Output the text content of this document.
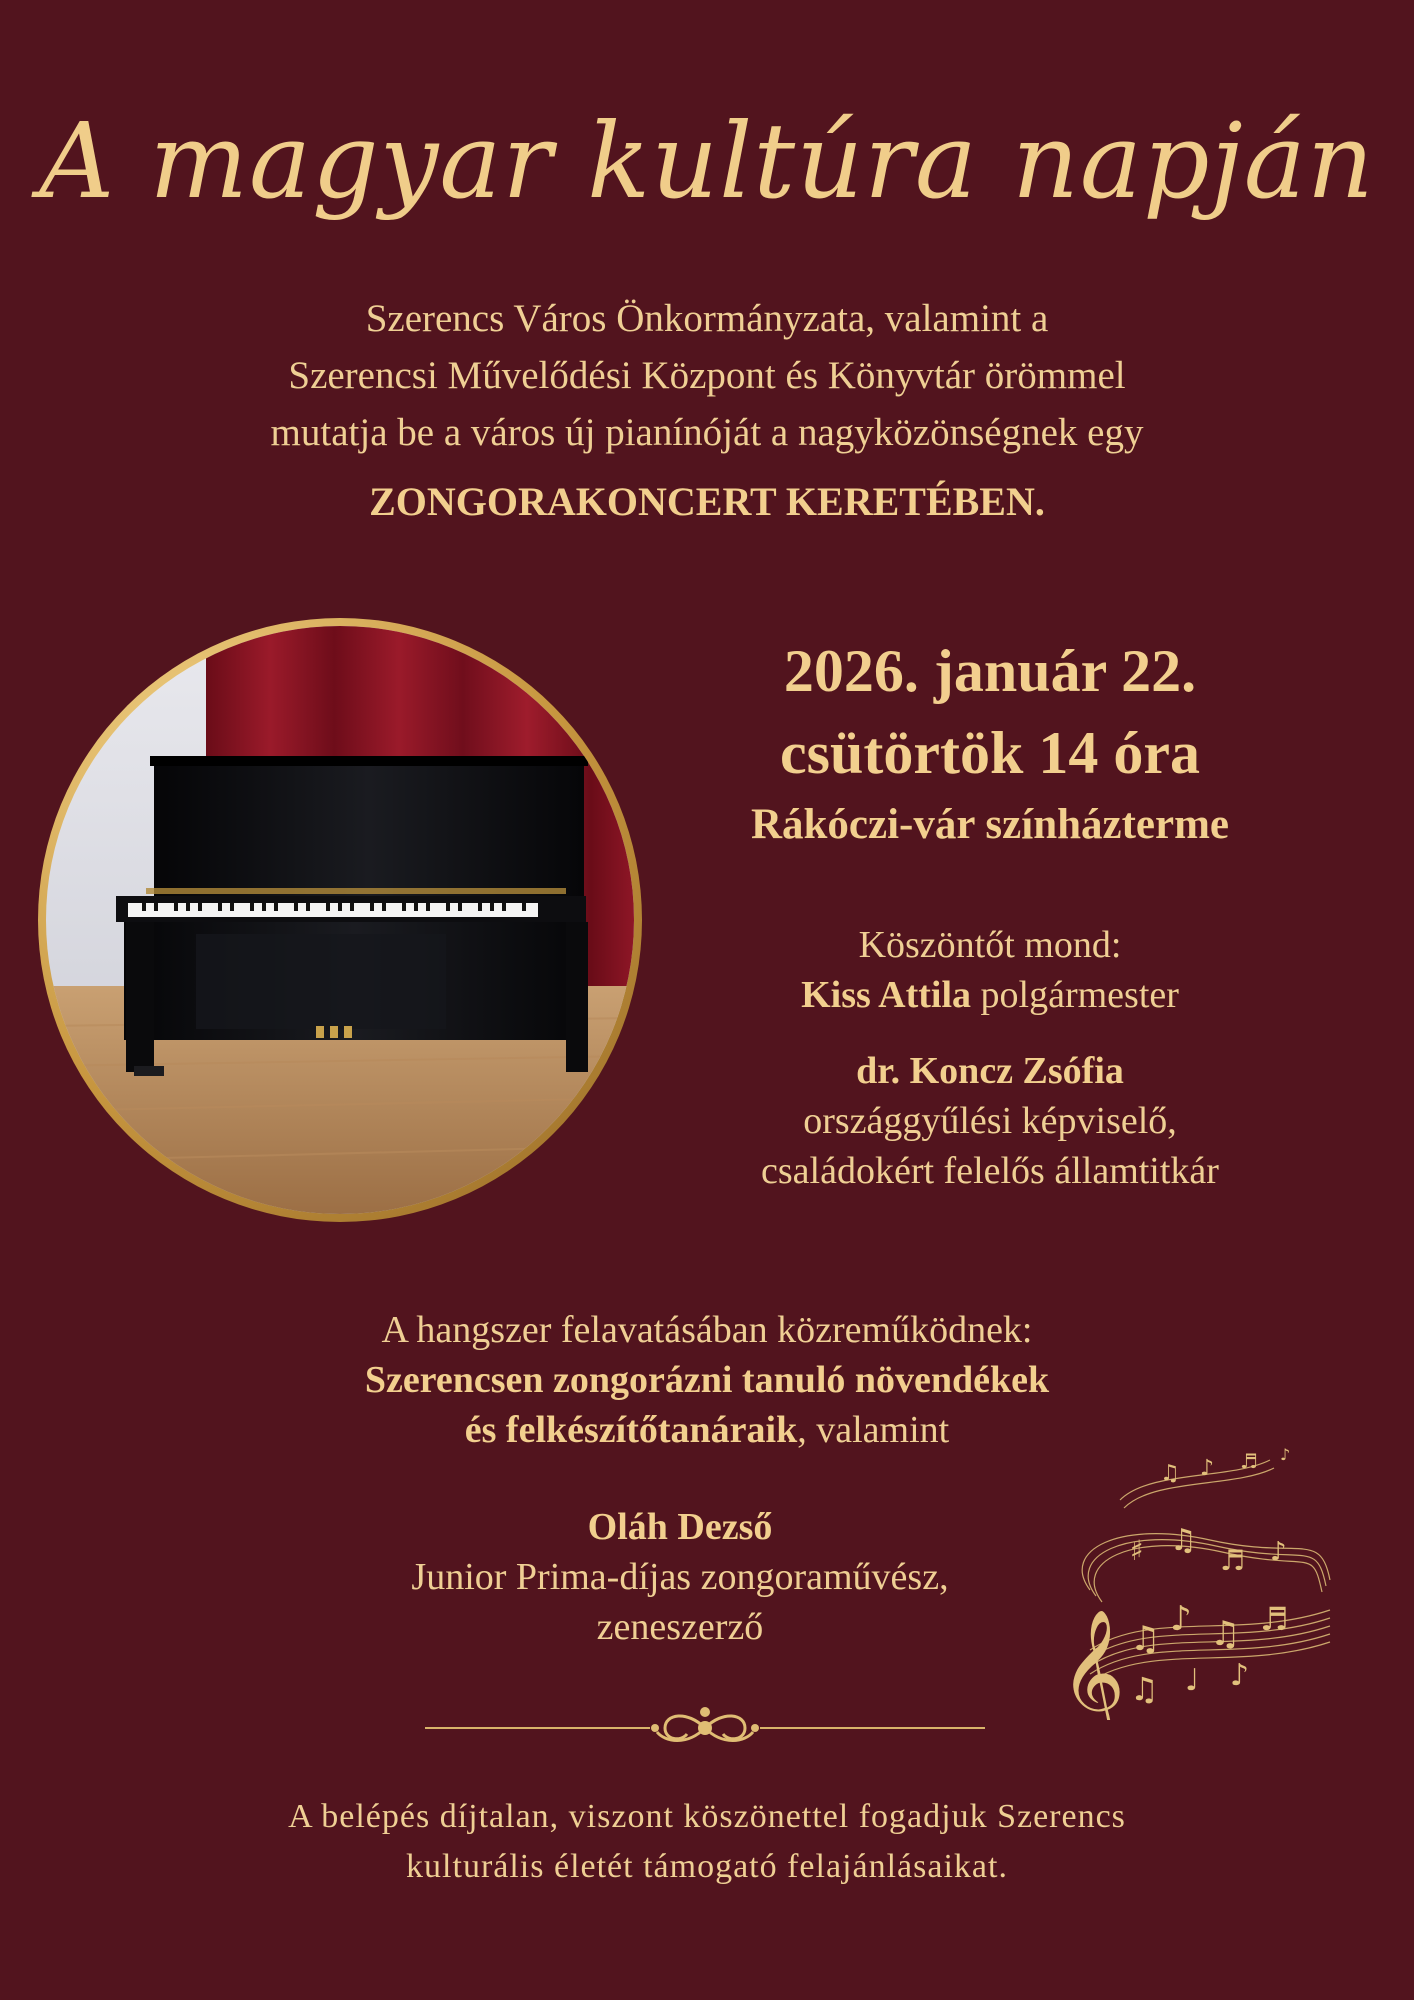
A magyar kultúra napján
Szerencs Város Önkormányzata, valamint a
Szerencsi Művelődési Központ és Könyvtár örömmel
mutatja be a város új pianínóját a nagyközönségnek egy
ZONGORAKONCERT KERETÉBEN.
2026. január 22.
csütörtök 14 óra
Rákóczi-vár színházterme
Köszöntőt mond:
Kiss Attila polgármester
dr. Koncz Zsófia
országgyűlési képviselő,
családokért felelős államtitkár
A hangszer felavatásában közreműködnek:
Szerencsen zongorázni tanuló növendékek
és felkészítőtanáraik, valamint
Oláh Dezső
Junior Prima-díjas zongoraművész,
zeneszerző	𝄞 ♫ ♪ ♫ ♬
♫ ♩ ♪
♯ ♫
♬ ♪
♫ ♪ ♬ ♪
A belépés díjtalan, viszont köszönettel fogadjuk Szerencs
kulturális életét támogató felajánlásaikat.
